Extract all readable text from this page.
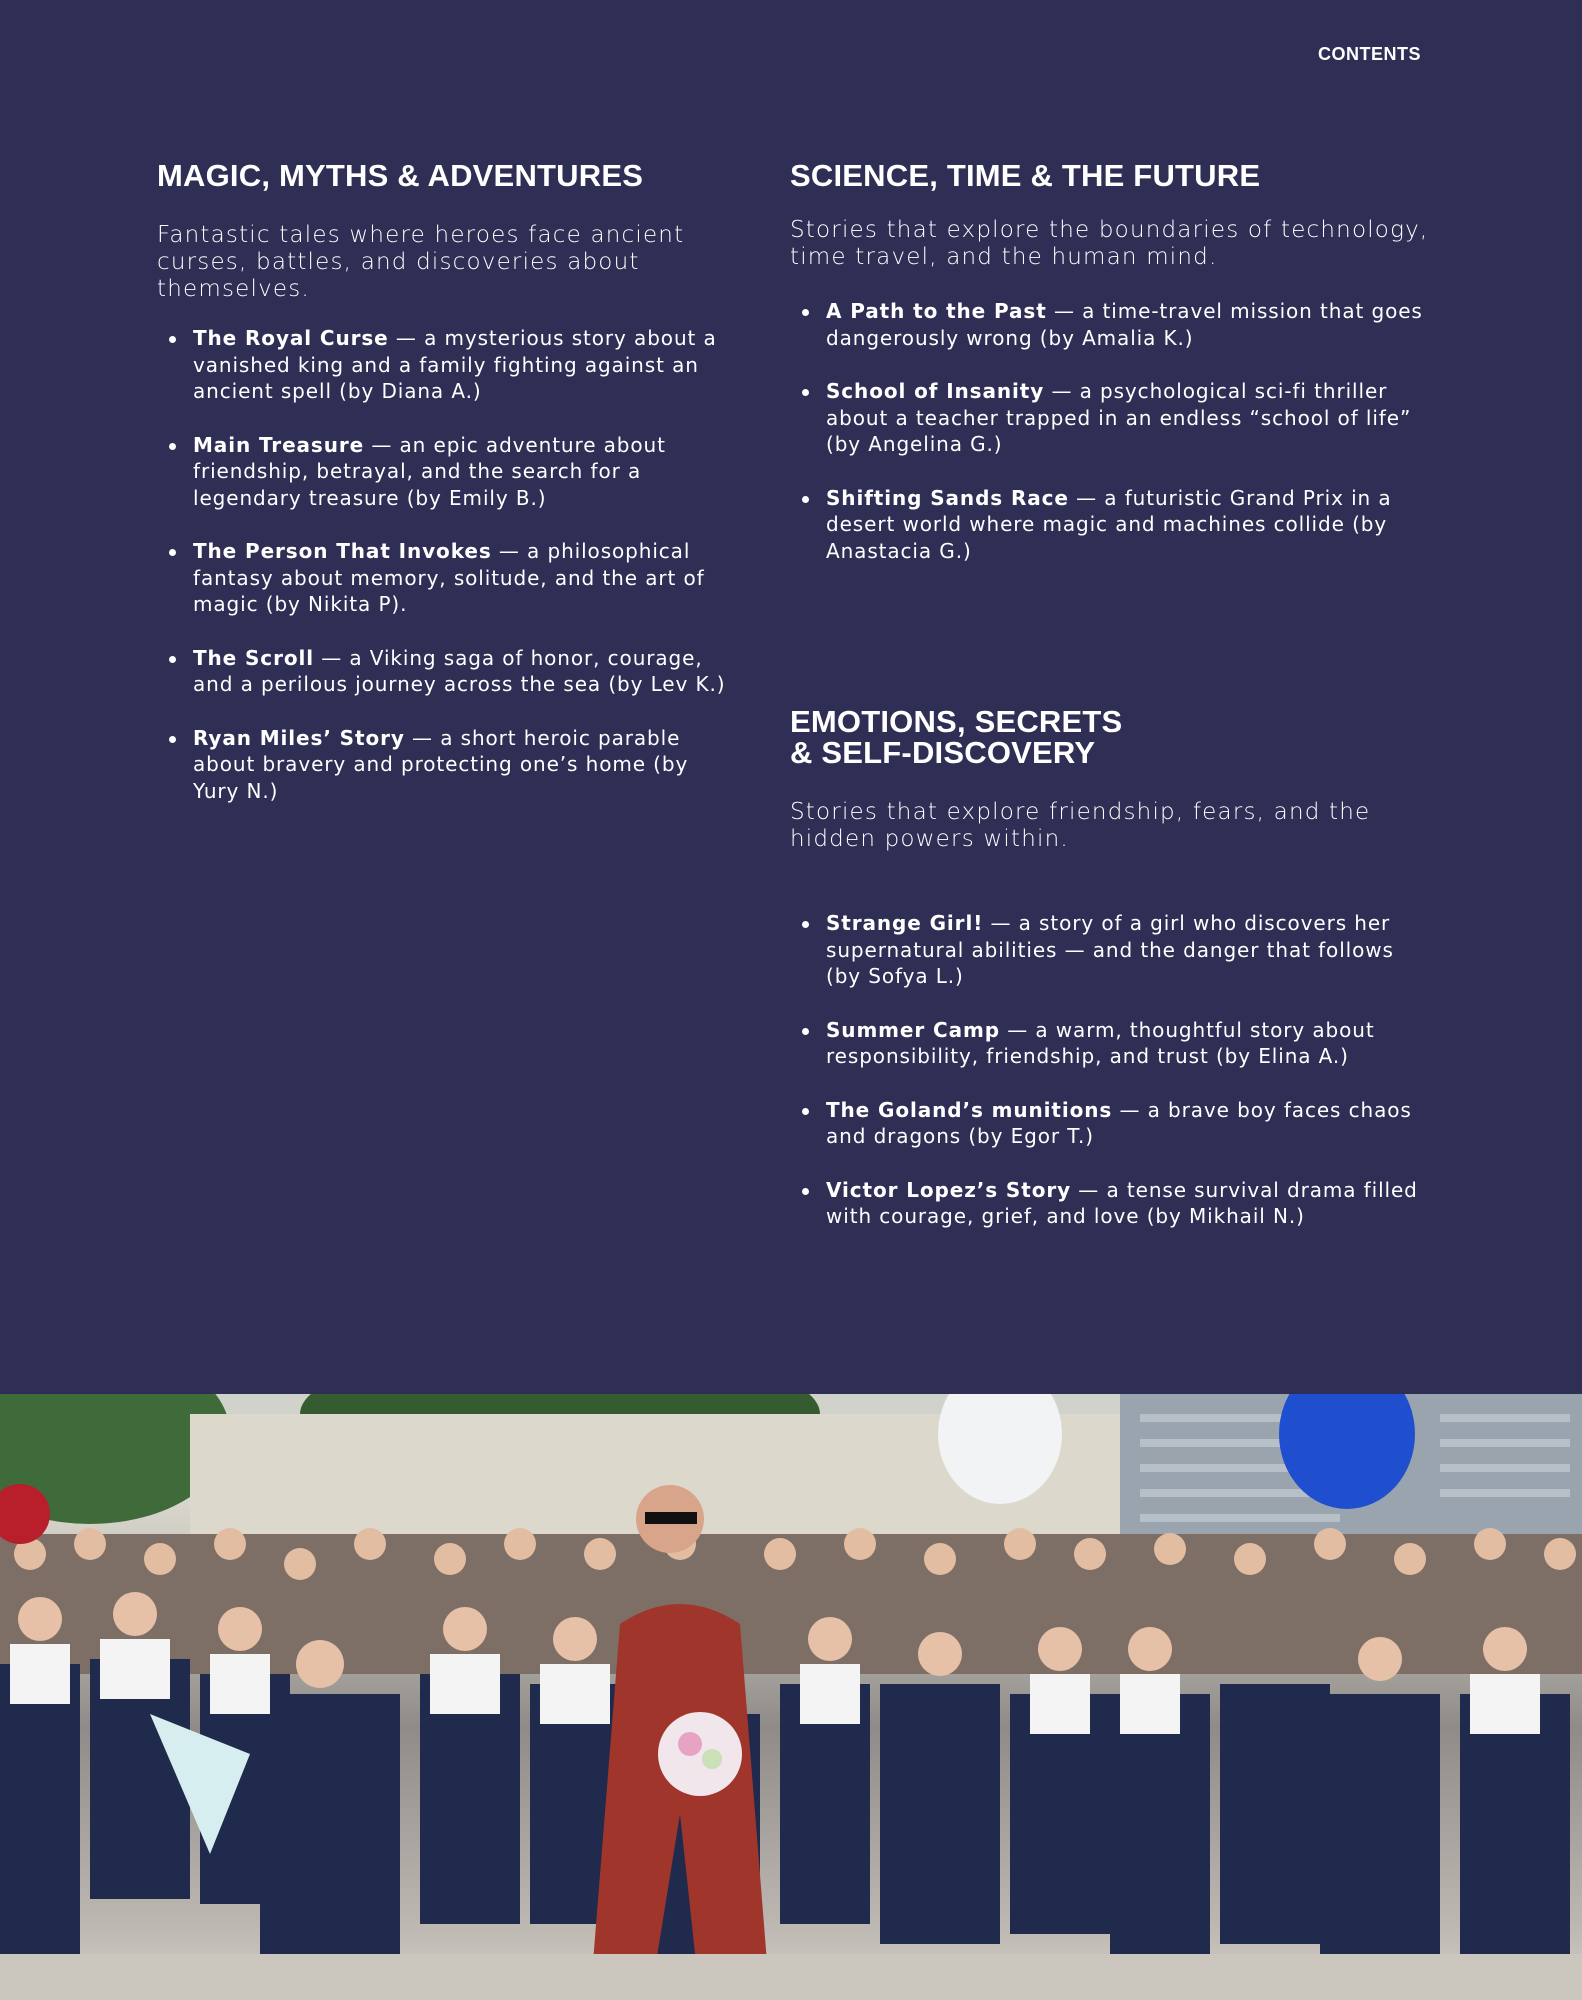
CONTENTS
MAGIC, MYTHS & ADVENTURES

Fantastic tales where heroes face ancient curses, battles, and discoveries about themselves.

The Royal Curse — a mysterious story about a vanished king and a family fighting against an ancient spell (by Diana A.)
Main Treasure — an epic adventure about friendship, betrayal, and the search for a legendary treasure (by Emily B.)
The Person That Invokes — a philosophical fantasy about memory, solitude, and the art of magic (by Nikita P).
The Scroll — a Viking saga of honor, courage, and a perilous journey across the sea (by Lev K.)
Ryan Miles’ Story — a short heroic parable about bravery and protecting one’s home (by Yury N.)
SCIENCE, TIME & THE FUTURE

Stories that explore the boundaries of technology, time travel, and the human mind.

A Path to the Past — a time-travel mission that goes dangerously wrong (by Amalia K.)
School of Insanity — a psychological sci-fi thriller about a teacher trapped in an endless “school of life” (by Angelina G.)
Shifting Sands Race — a futuristic Grand Prix in a desert world where magic and machines collide (by Anastacia G.)
EMOTIONS, SECRETS
& SELF-DISCOVERY

Stories that explore friendship, fears, and the hidden powers within.

Strange Girl! — a story of a girl who discovers her supernatural abilities — and the danger that follows (by Sofya L.)
Summer Camp — a warm, thoughtful story about responsibility, friendship, and trust (by Elina A.)
The Goland’s munitions — a brave boy faces chaos and dragons (by Egor T.)
Victor Lopez’s Story — a tense survival drama filled with courage, grief, and love (by Mikhail N.)
